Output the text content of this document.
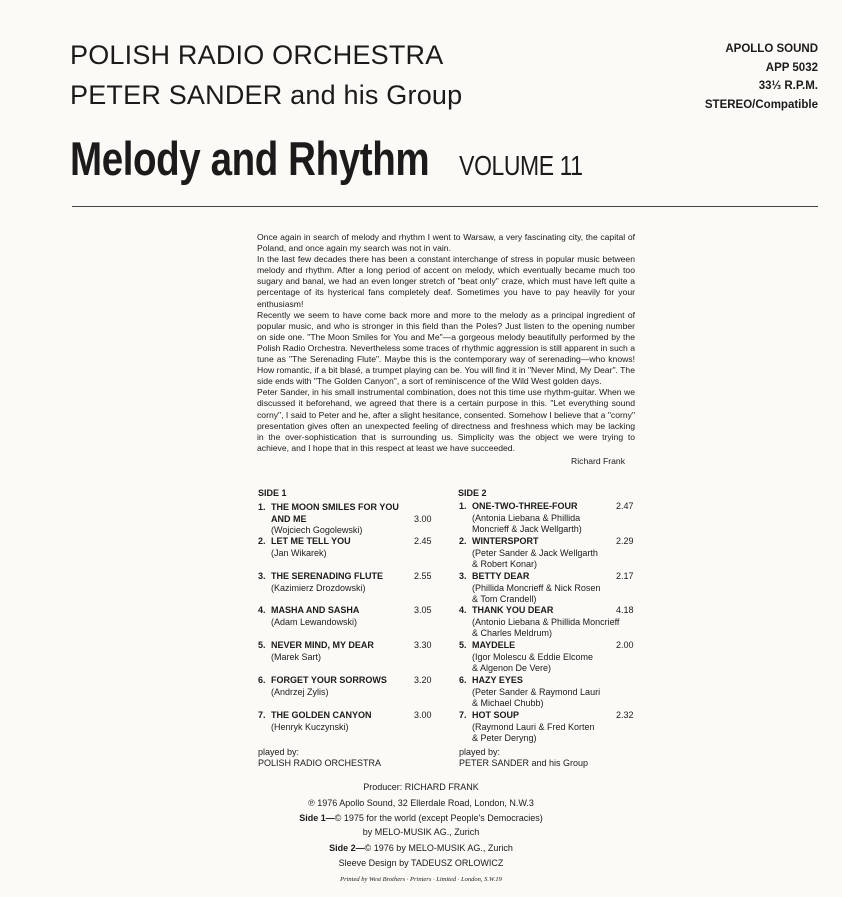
POLISH RADIO ORCHESTRA
PETER SANDER and his Group
Melody and Rhythm VOLUME 11
APOLLO SOUND
APP 5032
33⅓ R.P.M.
STEREO/Compatible

Once again in search of melody and rhythm I went to Warsaw, a very fascinating city, the capital of Poland, and once again my search was not in vain.

In the last few decades there has been a constant interchange of stress in popular music between melody and rhythm. After a long period of accent on melody, which eventually became much too sugary and banal, we had an even longer stretch of "beat only" craze, which must have left quite a percentage of its hysterical fans completely deaf. Sometimes you have to pay heavily for your enthusiasm!

Recently we seem to have come back more and more to the melody as a principal ingredient of popular music, and who is stronger in this field than the Poles? Just listen to the opening number on side one. "The Moon Smiles for You and Me"—a gorgeous melody beautifully performed by the Polish Radio Orchestra. Nevertheless some traces of rhythmic aggression is still apparent in such a tune as "The Serenading Flute". Maybe this is the contemporary way of serenading—who knows! How romantic, if a bit blasé, a trumpet playing can be. You will find it in "Never Mind, My Dear". The side ends with "The Golden Canyon", a sort of reminiscence of the Wild West golden days.

Peter Sander, in his small instrumental combination, does not this time use rhythm-guitar. When we discussed it beforehand, we agreed that there is a certain purpose in this. "Let everything sound corny", I said to Peter and he, after a slight hesitance, consented. Somehow I believe that a "corny" presentation gives often an unexpected feeling of directness and freshness which may be lacking in the over-sophistication that is surrounding us. Simplicity was the object we were trying to achieve, and I hope that in this respect at least we have succeeded.

Richard Frank
SIDE 1	SIDE 2
1. THE MOON SMILES FOR YOU
AND ME
(Wojciech Gogolewski)
3.00
2. LET ME TELL YOU
(Jan Wikarek)
2.45
3. THE SERENADING FLUTE
(Kazimierz Drozdowski)
2.55
4. MASHA AND SASHA
(Adam Lewandowski)
3.05
5. NEVER MIND, MY DEAR
(Marek Sart)
3.30
6. FORGET YOUR SORROWS
(Andrzej Zylis)
3.20
7. THE GOLDEN CANYON
(Henryk Kuczynski)
3.00
1. ONE-TWO-THREE-FOUR
(Antonia Liebana & Phillida
Moncrieff & Jack Wellgarth)
2.47
2. WINTERSPORT
(Peter Sander & Jack Wellgarth
& Robert Konar)
2.29
3. BETTY DEAR
(Phillida Moncrieff & Nick Rosen
& Tom Crandell)
2.17
4. THANK YOU DEAR
(Antonio Liebana & Phillida Moncrieff
& Charles Meldrum)
4.18
5. MAYDELE
(Igor Molescu & Eddie Elcome
& Algenon De Vere)
2.00
6. HAZY EYES
(Peter Sander & Raymond Lauri
& Michael Chubb)
7. HOT SOUP
(Raymond Lauri & Fred Korten
& Peter Deryng)
2.32
played by:
POLISH RADIO ORCHESTRA
played by:
PETER SANDER and his Group
Producer: RICHARD FRANK
℗ 1976 Apollo Sound, 32 Ellerdale Road, London, N.W.3
Side 1—© 1975 for the world (except People's Democracies)
by MELO-MUSIK AG., Zurich
Side 2—© 1976 by MELO-MUSIK AG., Zurich
Sleeve Design by TADEUSZ ORLOWICZ
Printed by West Brothers · Printers · Limited · London, S.W.19
